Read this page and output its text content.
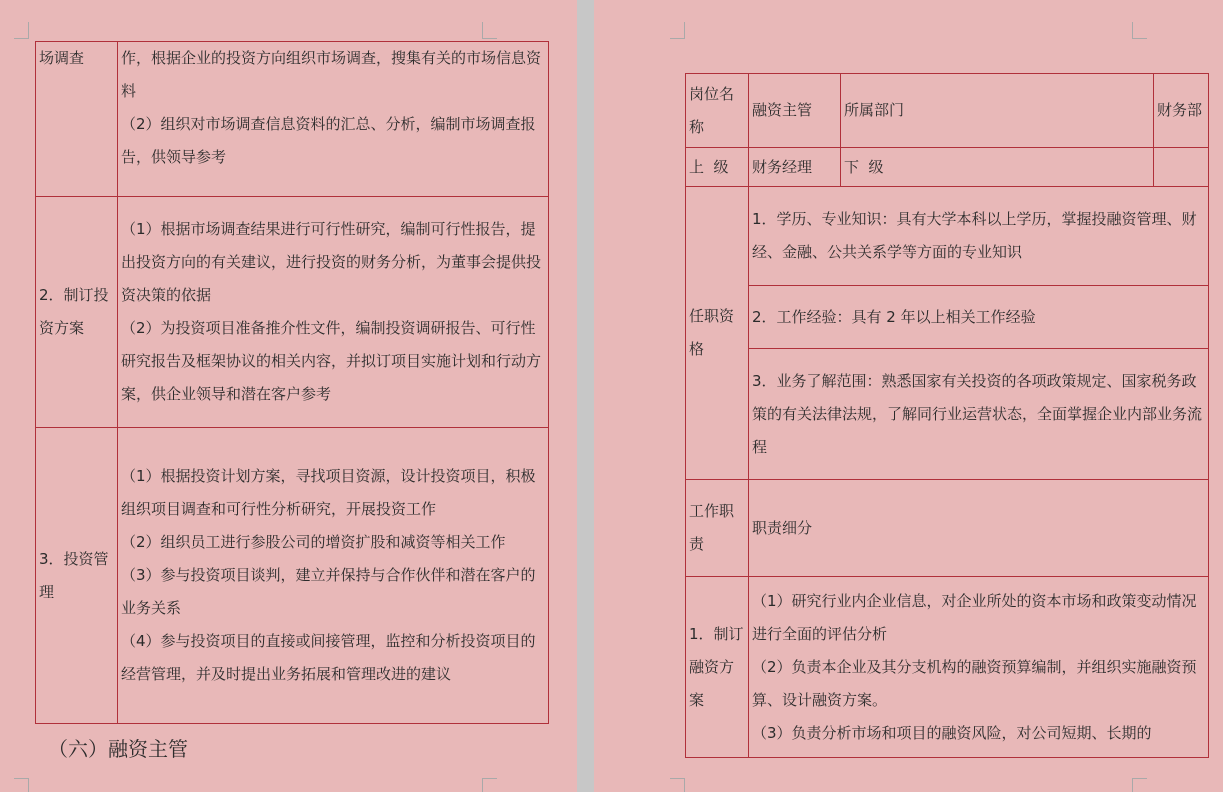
场调查	作，根据企业的投资方向组织市场调查，搜集有关的市场信息资料

（2）组织对市场调查信息资料的汇总、分析，编制市场调查报告，供领导参考

2．制订投资方案	（1）根据市场调查结果进行可行性研究，编制可行性报告，提出投资方向的有关建议，进行投资的财务分析，为董事会提供投资决策的依据

（2）为投资项目准备推介性文件，编制投资调研报告、可行性研究报告及框架协议的相关内容，并拟订项目实施计划和行动方案，供企业领导和潜在客户参考

3．投资管理	（1）根据投资计划方案，寻找项目资源，设计投资项目，积极组织项目调查和可行性分析研究，开展投资工作

（2）组织员工进行参股公司的增资扩股和减资等相关工作

（3）参与投资项目谈判，建立并保持与合作伙伴和潜在客户的业务关系

（4）参与投资项目的直接或间接管理，监控和分析投资项目的经营管理，并及时提出业务拓展和管理改进的建议

（六）融资主管
岗位名称	融资主管	所属部门	财务部
上  级	财务经理	下  级	
任职资格	1．学历、专业知识：具有大学本科以上学历，掌握投融资管理、财经、金融、公共关系学等方面的专业知识		
	2．工作经验：具有 2 年以上相关工作经验		
	3．业务了解范围：熟悉国家有关投资的各项政策规定、国家税务政策的有关法律法规，了解同行业运营状态，全面掌握企业内部业务流程		
工作职责	职责细分		
1．制订融资方案	（1）研究行业内企业信息，对企业所处的资本市场和政策变动情况进行全面的评估分析

（2）负责本企业及其分支机构的融资预算编制，并组织实施融资预算、设计融资方案。

（3）负责分析市场和项目的融资风险，对公司短期、长期的		
